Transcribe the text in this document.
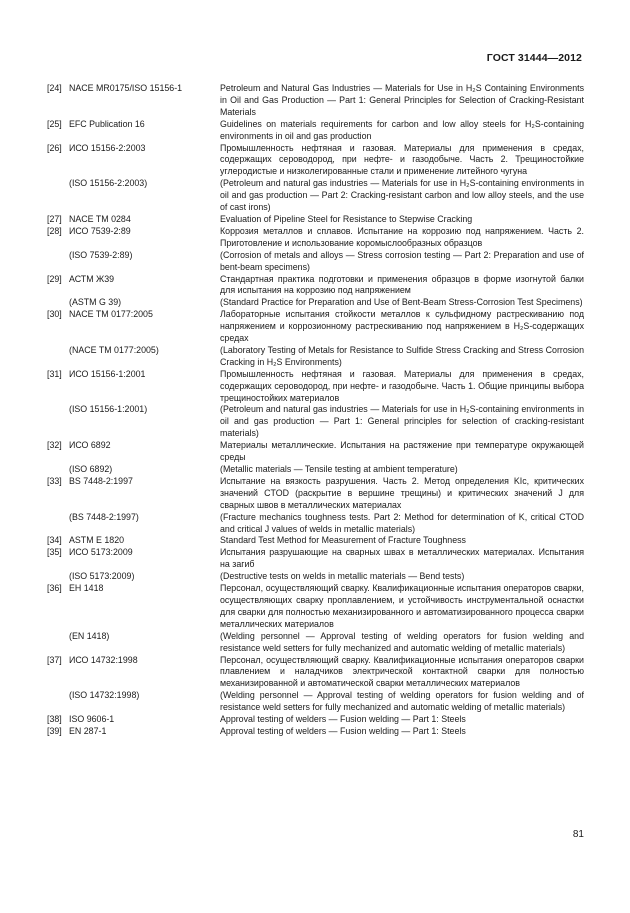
ГОСТ 31444—2012
[24] NACE MR0175/ISO 15156-1	Petroleum and Natural Gas Industries — Materials for Use in H₂S Containing Environments in Oil and Gas Production — Part 1: General Principles for Selection of Cracking-Resistant Materials
[25] EFC Publication 16	Guidelines on materials requirements for carbon and low alloy steels for H₂S-containing environments in oil and gas production
[26] ИСО 15156-2:2003	Промышленность нефтяная и газовая. Материалы для применения в средах, содержащих сероводород, при нефте- и газодобыче. Часть 2. Трещиностойкие углеродистые и низколегированные стали и применение литейного чугуна
(ISO 15156-2:2003)	(Petroleum and natural gas industries — Materials for use in H₂S-containing environments in oil and gas production — Part 2: Cracking-resistant carbon and low alloy steels, and the use of cast irons)
[27] NACE TM 0284	Evaluation of Pipeline Steel for Resistance to Stepwise Cracking
[28] ИСО 7539-2:89	Коррозия металлов и сплавов. Испытание на коррозию под напряжением. Часть 2. Приготовление и использование коромыслообразных образцов
(ISO 7539-2:89)	(Corrosion of metals and alloys — Stress corrosion testing — Part 2: Preparation and use of bent-beam specimens)
[29] АСТМ Ж39	Стандартная практика подготовки и применения образцов в форме изогнутой балки для испытания на коррозию под напряжением
(ASTM G 39)	(Standard Practice for Preparation and Use of Bent-Beam Stress-Corrosion Test Specimens)
[30] NACE TM 0177:2005	Лабораторные испытания стойкости металлов к сульфидному растрескиванию под напряжением и коррозионному растрескиванию под напряжением в H₂S-содержащих средах
(NACE TM 0177:2005)	(Laboratory Testing of Metals for Resistance to Sulfide Stress Cracking and Stress Corrosion Cracking in H₂S Environments)
[31] ИСО 15156-1:2001	Промышленность нефтяная и газовая. Материалы для применения в средах, содержащих сероводород, при нефте- и газодобыче. Часть 1. Общие принципы выбора трещиностойких материалов
(ISO 15156-1:2001)	(Petroleum and natural gas industries — Materials for use in H₂S-containing environments in oil and gas production — Part 1: General principles for selection of cracking-resistant materials)
[32] ИСО 6892	Материалы металлические. Испытания на растяжение при температуре окружающей среды
(ISO 6892)	(Metallic materials — Tensile testing at ambient temperature)
[33] BS 7448-2:1997	Испытание на вязкость разрушения. Часть 2. Метод определения KIc, критических значений CTOD (раскрытие в вершине трещины) и критических значений J для сварных швов в металлических материалах
(BS 7448-2:1997)	(Fracture mechanics toughness tests. Part 2: Method for determination of K, critical CTOD and critical J values of welds in metallic materials)
[34] ASTM E 1820	Standard Test Method for Measurement of Fracture Toughness
[35] ИСО 5173:2009	Испытания разрушающие на сварных швах в металлических материалах. Испытания на загиб
(ISO 5173:2009)	(Destructive tests on welds in metallic materials — Bend tests)
[36] EH 1418	Персонал, осуществляющий сварку. Квалификационные испытания операторов сварки, осуществляющих сварку проплавлением, и устойчивость инструментальной оснастки для сварки для полностью механизированного и автоматизированного процесса сварки металлических материалов
(EN 1418)	(Welding personnel — Approval testing of welding operators for fusion welding and resistance weld setters for fully mechanized and automatic welding of metallic materials)
[37] ИСО 14732:1998	Персонал, осуществляющий сварку. Квалификационные испытания операторов сварки плавлением и наладчиков электрической контактной сварки для полностью механизированной и автоматической сварки металлических материалов
(ISO 14732:1998)	(Welding personnel — Approval testing of welding operators for fusion welding and of resistance weld setters for fully mechanized and automatic welding of metallic materials)
[38] ISO 9606-1	Approval testing of welders — Fusion welding — Part 1: Steels
[39] EN 287-1	Approval testing of welders — Fusion welding — Part 1: Steels
81
